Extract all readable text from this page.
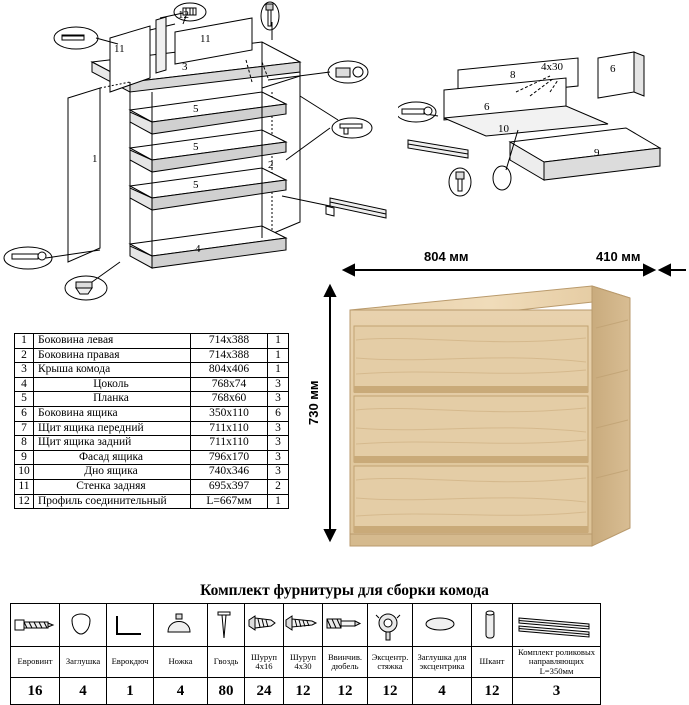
12
11
11
3
5
5
5
1	2
4
8	6
6
10
9
4х30
804 мм	410 мм
730 мм
1	Боковина левая	714х388	1
2	Боковина правая	714х388	1
3	Крыша комода	804х406	1
4	Цоколь	768х74	3
5	Планка	768х60	3
6	Боковина ящика	350х110	6
7	Щит ящика передний	711х110	3
8	Щит ящика задний	711х110	3
9	Фасад ящика	796х170	3
10	Дно ящика	740х346	3
11	Стенка задняя	695х397	2
12	Профиль соединительный	L=667мм	1
Комплект фурнитуры для сборки комода

Евровинт	Заглушка	Еврокдюч	Ножка	Гвоздь	Шуруп 4х16	Шуруп 4х30	Ввинчив. дюбель	Эксцентр. стяжка	Заглушка для эксцентрика	Шкант	Комплект роликовых направляющих L=350мм
16	4	1	4	80	24	12	12	12	4	12	3
